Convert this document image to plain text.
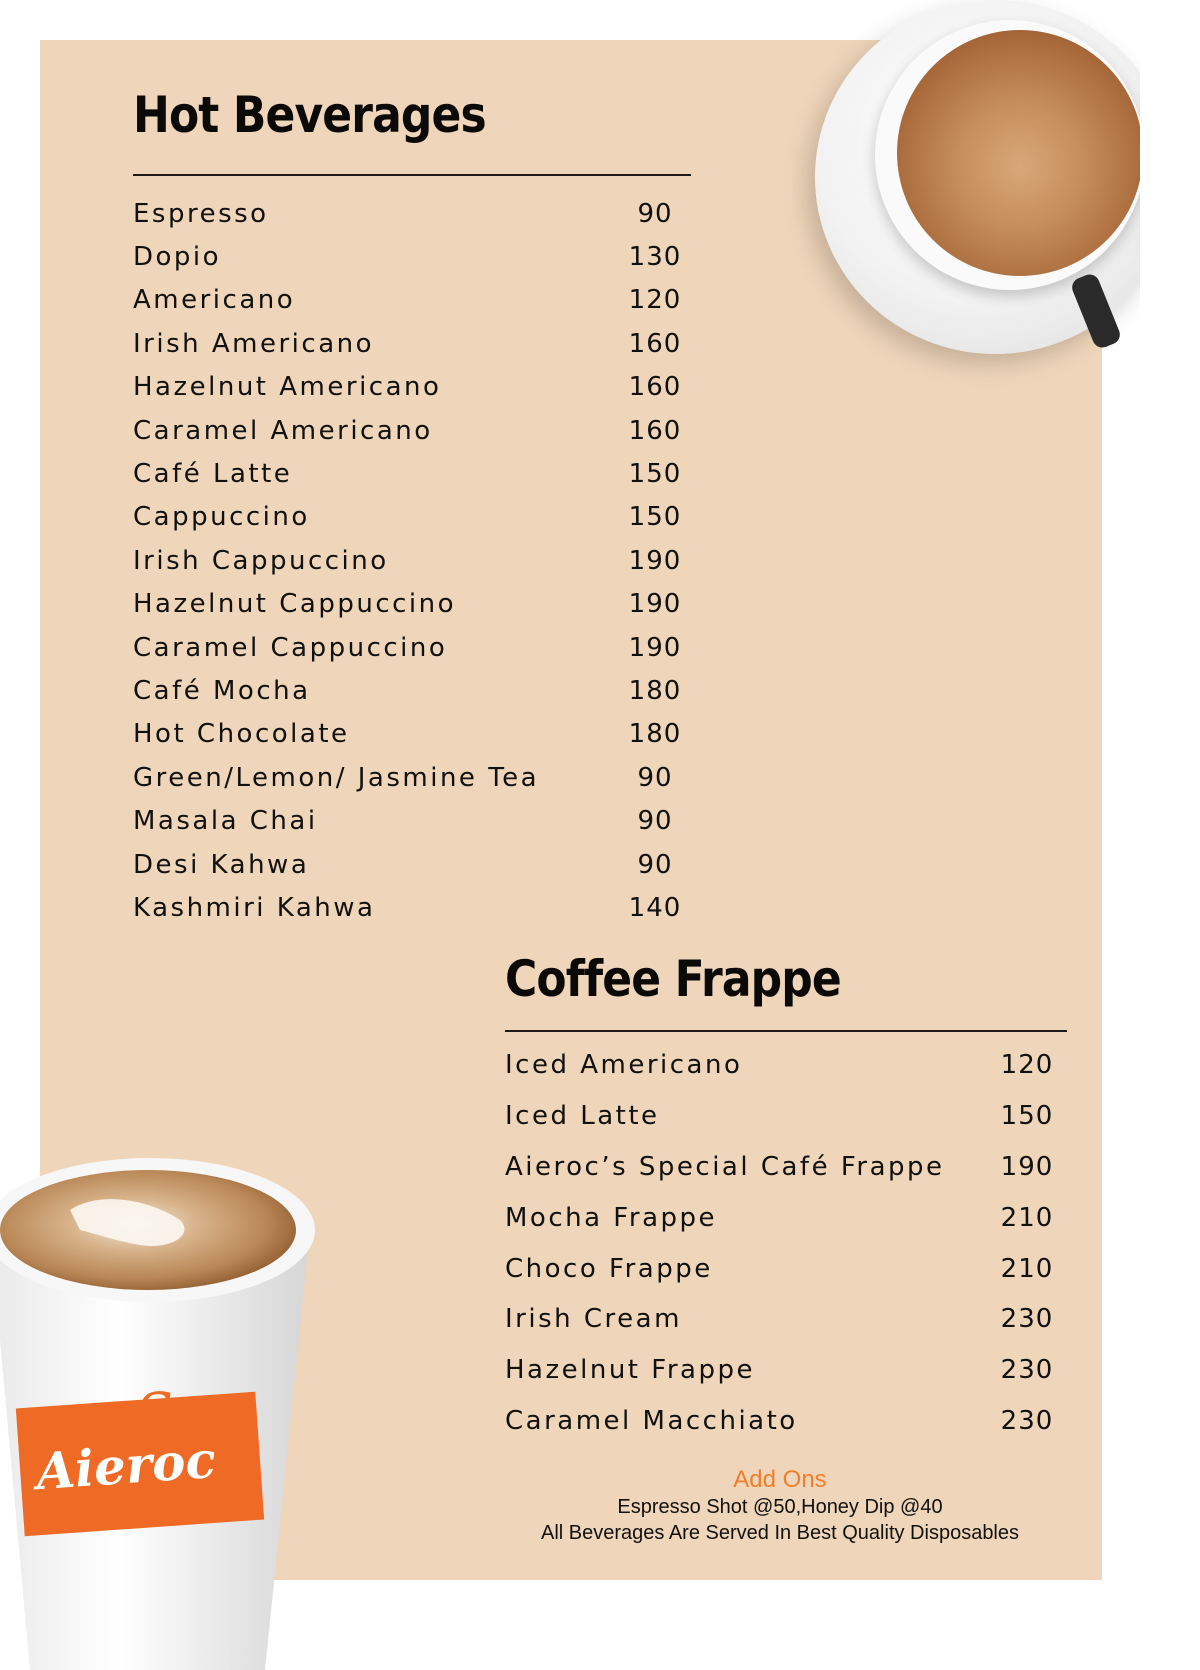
Hot Beverages
Espresso	90
Dopio	130
Americano	120
Irish Americano	160
Hazelnut Americano	160
Caramel Americano	160
Café Latte	150
Cappuccino	150
Irish Cappuccino	190
Hazelnut Cappuccino	190
Caramel Cappuccino	190
Café Mocha	180
Hot Chocolate	180
Green/Lemon/ Jasmine Tea	90
Masala Chai	90
Desi Kahwa	90
Kashmiri Kahwa	140
Coffee Frappe
Iced Americano	120
Iced Latte	150
Aieroc’s Special Café Frappe 190
Mocha Frappe	210
Choco Frappe	210
Irish Cream	230
Hazelnut Frappe	230
Caramel Macchiato	230
Add Ons
Espresso Shot @50,Honey Dip @40
All Beverages Are Served In Best Quality Disposables
S
Aieroc
®
